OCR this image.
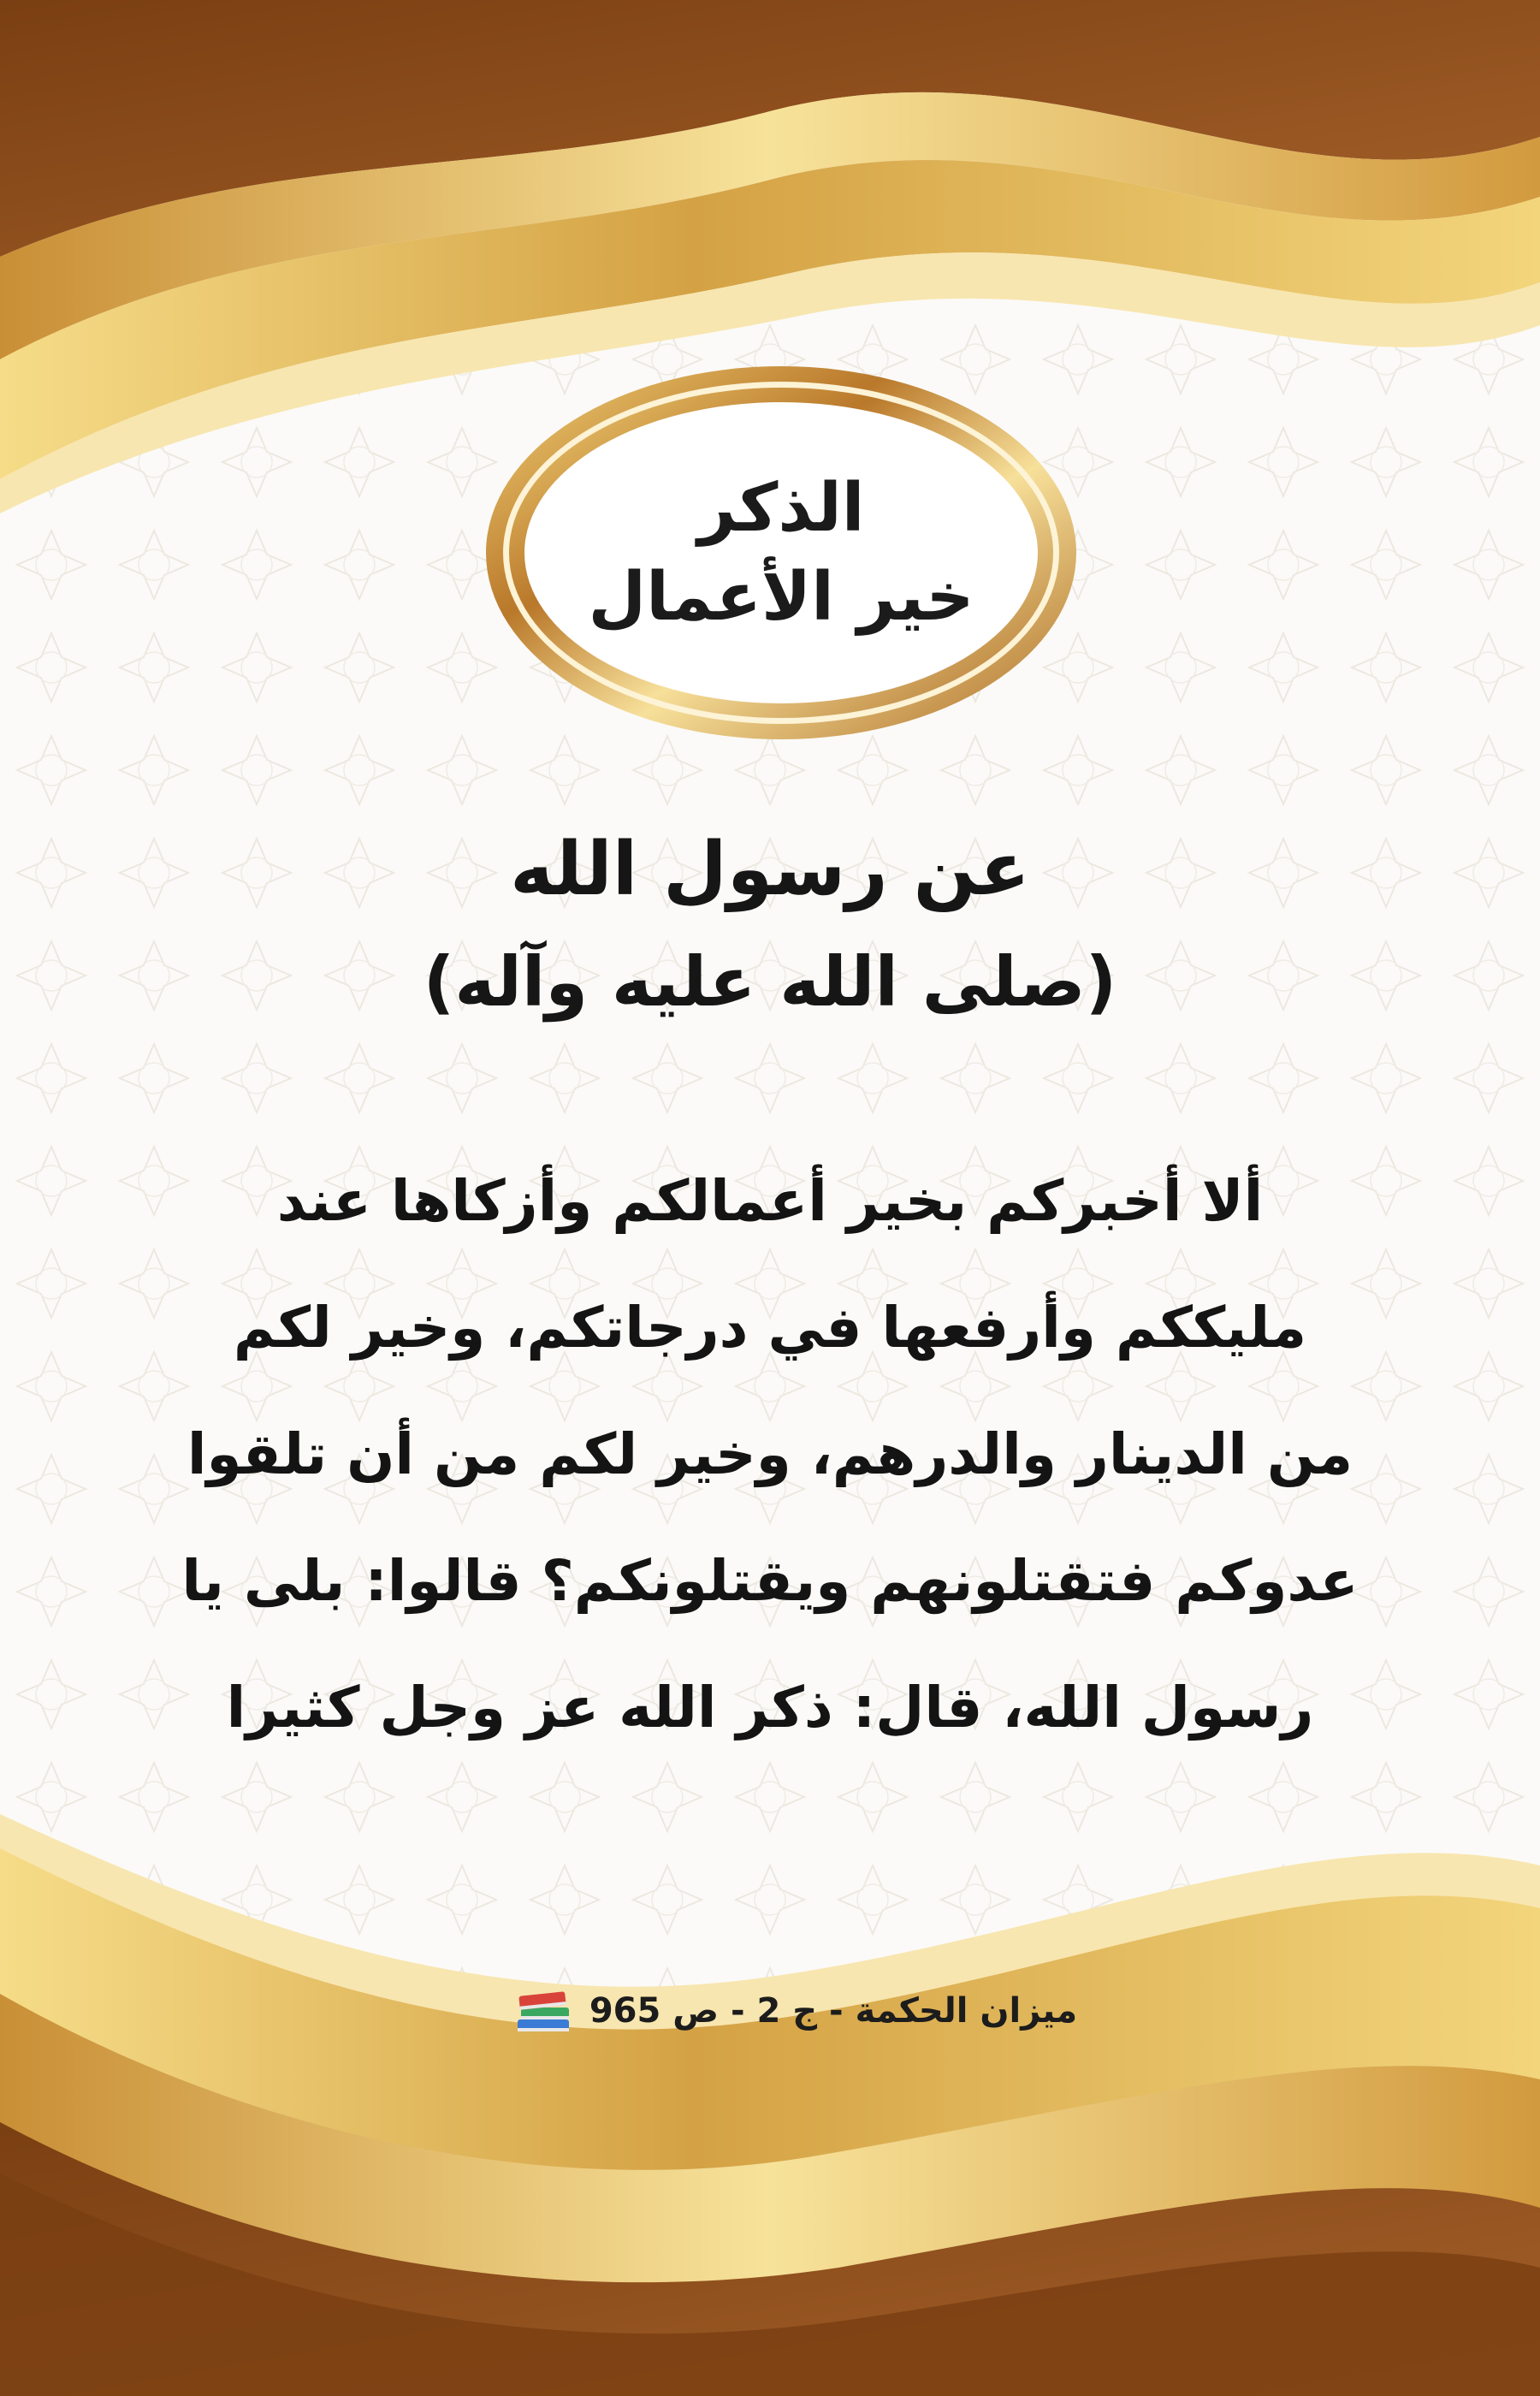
الذكر
خير الأعمال
عن رسول الله
(صلى الله عليه وآله)
ألا أخبركم بخير أعمالكم وأزكاها عند
مليككم وأرفعها في درجاتكم، وخير لكم
من الدينار والدرهم، وخير لكم من أن تلقوا
عدوكم فتقتلونهم ويقتلونكم؟ قالوا: بلى يا
رسول الله، قال: ذكر الله عز وجل كثيرا
ميزان الحكمة - ج 2 - ص 965
